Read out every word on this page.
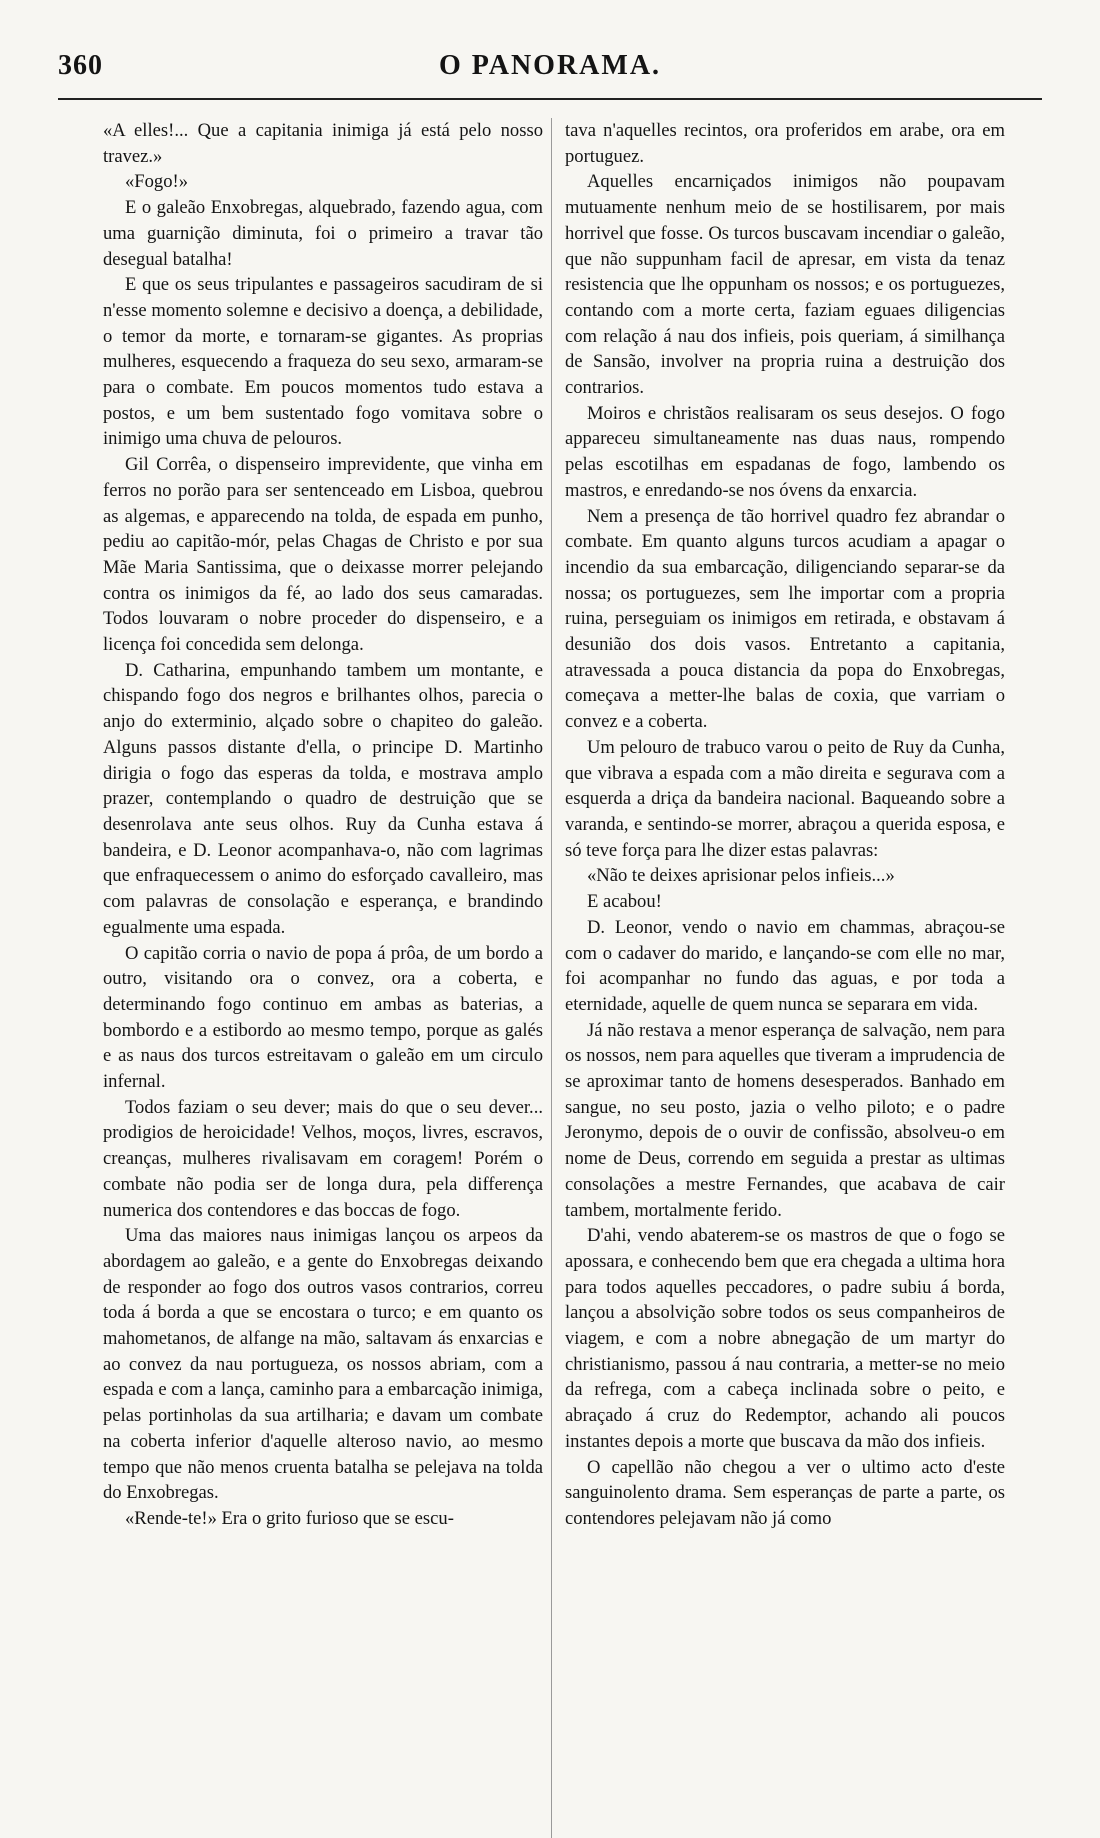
360	O PANORAMA.

«A elles!... Que a capitania inimiga já está pelo nosso travez.»

«Fogo!»

E o galeão Enxobregas, alquebrado, fazendo agua, com uma guarnição diminuta, foi o primeiro a travar tão desegual batalha!

E que os seus tripulantes e passageiros sacudiram de si n'esse momento solemne e decisivo a doença, a debilidade, o temor da morte, e tornaram-se gigantes. As proprias mulheres, esquecendo a fraqueza do seu sexo, armaram-se para o combate. Em poucos momentos tudo estava a postos, e um bem sustentado fogo vomitava sobre o inimigo uma chuva de pelouros.

Gil Corrêa, o dispenseiro imprevidente, que vinha em ferros no porão para ser sentenceado em Lisboa, quebrou as algemas, e apparecendo na tolda, de espada em punho, pediu ao capitão-mór, pelas Chagas de Christo e por sua Mãe Maria Santissima, que o deixasse morrer pelejando contra os inimigos da fé, ao lado dos seus camaradas. Todos louvaram o nobre proceder do dispenseiro, e a licença foi concedida sem delonga.

D. Catharina, empunhando tambem um montante, e chispando fogo dos negros e brilhantes olhos, parecia o anjo do exterminio, alçado sobre o chapiteo do galeão. Alguns passos distante d'ella, o principe D. Martinho dirigia o fogo das esperas da tolda, e mostrava amplo prazer, contemplando o quadro de destruição que se desenrolava ante seus olhos. Ruy da Cunha estava á bandeira, e D. Leonor acompanhava-o, não com lagrimas que enfraquecessem o animo do esforçado cavalleiro, mas com palavras de consolação e esperança, e brandindo egualmente uma espada.

O capitão corria o navio de popa á prôa, de um bordo a outro, visitando ora o convez, ora a coberta, e determinando fogo continuo em ambas as baterias, a bombordo e a estibordo ao mesmo tempo, porque as galés e as naus dos turcos estreitavam o galeão em um circulo infernal.

Todos faziam o seu dever; mais do que o seu dever... prodigios de heroicidade! Velhos, moços, livres, escravos, creanças, mulheres rivalisavam em coragem! Porém o combate não podia ser de longa dura, pela differença numerica dos contendores e das boccas de fogo.

Uma das maiores naus inimigas lançou os arpeos da abordagem ao galeão, e a gente do Enxobregas deixando de responder ao fogo dos outros vasos contrarios, correu toda á borda a que se encostara o turco; e em quanto os mahometanos, de alfange na mão, saltavam ás enxarcias e ao convez da nau portugueza, os nossos abriam, com a espada e com a lança, caminho para a embarcação inimiga, pelas portinholas da sua artilharia; e davam um combate na coberta inferior d'aquelle alteroso navio, ao mesmo tempo que não menos cruenta batalha se pelejava na tolda do Enxobregas.

«Rende-te!» Era o grito furioso que se escu-

tava n'aquelles recintos, ora proferidos em arabe, ora em portuguez.

Aquelles encarniçados inimigos não poupavam mutuamente nenhum meio de se hostilisarem, por mais horrivel que fosse. Os turcos buscavam incendiar o galeão, que não suppunham facil de apresar, em vista da tenaz resistencia que lhe oppunham os nossos; e os portuguezes, contando com a morte certa, faziam eguaes diligencias com relação á nau dos infieis, pois queriam, á similhança de Sansão, involver na propria ruina a destruição dos contrarios.

Moiros e christãos realisaram os seus desejos. O fogo appareceu simultaneamente nas duas naus, rompendo pelas escotilhas em espadanas de fogo, lambendo os mastros, e enredando-se nos óvens da enxarcia.

Nem a presença de tão horrivel quadro fez abrandar o combate. Em quanto alguns turcos acudiam a apagar o incendio da sua embarcação, diligenciando separar-se da nossa; os portuguezes, sem lhe importar com a propria ruina, perseguiam os inimigos em retirada, e obstavam á desunião dos dois vasos. Entretanto a capitania, atravessada a pouca distancia da popa do Enxobregas, começava a metter-lhe balas de coxia, que varriam o convez e a coberta.

Um pelouro de trabuco varou o peito de Ruy da Cunha, que vibrava a espada com a mão direita e segurava com a esquerda a driça da bandeira nacional. Baqueando sobre a varanda, e sentindo-se morrer, abraçou a querida esposa, e só teve força para lhe dizer estas palavras:

«Não te deixes aprisionar pelos infieis...»

E acabou!

D. Leonor, vendo o navio em chammas, abraçou-se com o cadaver do marido, e lançando-se com elle no mar, foi acompanhar no fundo das aguas, e por toda a eternidade, aquelle de quem nunca se separara em vida.

Já não restava a menor esperança de salvação, nem para os nossos, nem para aquelles que tiveram a imprudencia de se aproximar tanto de homens desesperados. Banhado em sangue, no seu posto, jazia o velho piloto; e o padre Jeronymo, depois de o ouvir de confissão, absolveu-o em nome de Deus, correndo em seguida a prestar as ultimas consolações a mestre Fernandes, que acabava de cair tambem, mortalmente ferido.

D'ahi, vendo abaterem-se os mastros de que o fogo se apossara, e conhecendo bem que era chegada a ultima hora para todos aquelles peccadores, o padre subiu á borda, lançou a absolvição sobre todos os seus companheiros de viagem, e com a nobre abnegação de um martyr do christianismo, passou á nau contraria, a metter-se no meio da refrega, com a cabeça inclinada sobre o peito, e abraçado á cruz do Redemptor, achando ali poucos instantes depois a morte que buscava da mão dos infieis.

O capellão não chegou a ver o ultimo acto d'este sanguinolento drama. Sem esperanças de parte a parte, os contendores pelejavam não já como
